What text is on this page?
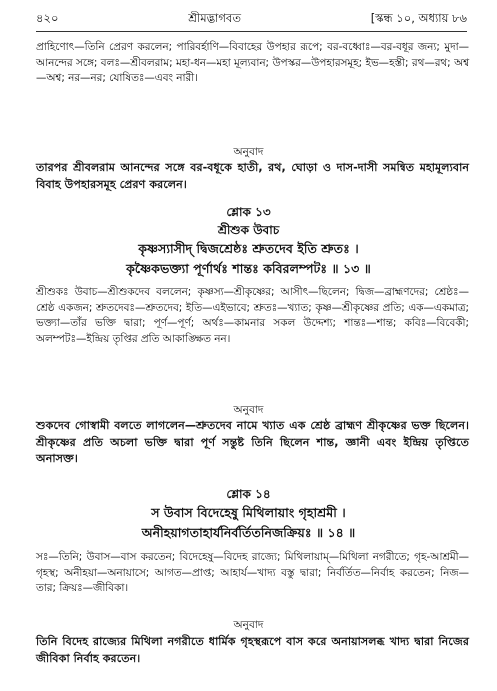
৪২০	শ্রীমদ্ভাগবত	[স্কন্ধ ১০, অধ্যায় ৮৬
প্রাহিণোৎ—তিনি প্রেরণ করলেন; পারিবর্হাণি—বিবাহের উপহার রূপে; বর-বধ্বোঃ—বর-বধূর জন্য; মুদা—আনন্দের সঙ্গে; বলঃ—শ্রীবলরাম; মহা-ধন—মহা মূল্যবান; উপস্কর—উপহারসমূহ; ইভ—হস্তী; রথ—রথ; অশ্ব—অশ্ব; নর—নর; যোষিতঃ—এবং নারী।
অনুবাদ
তারপর শ্রীবলরাম আনন্দের সঙ্গে বর-বধূকে হাতী, রথ, ঘোড়া ও দাস-দাসী সমন্বিত মহামূল্যবান বিবাহ উপহারসমূহ প্রেরণ করলেন।
শ্লোক ১৩
শ্রীশুক উবাচ
কৃষ্ণস্যাসীদ্ দ্বিজশ্রেষ্ঠঃ শ্রুতদেব ইতি শ্রুতঃ ।
কৃষ্ণৈকভক্ত্যা পূর্ণার্থঃ শান্তঃ কবিরলম্পটঃ ॥ ১৩ ॥
শ্রীশুকঃ উবাচ—শ্রীশুকদেব বললেন; কৃষ্ণস্য—শ্রীকৃষ্ণের; আসীৎ—ছিলেন; দ্বিজ—ব্রাহ্মণদের; শ্রেষ্ঠঃ—শ্রেষ্ঠ একজন; শ্রুতদেবঃ—শ্রুতদেব; ইতি—এইভাবে; শ্রুতঃ—খ্যাত; কৃষ্ণ—শ্রীকৃষ্ণের প্রতি; এক—একমাত্র; ভক্ত্যা—তাঁর ভক্তি দ্বারা; পূর্ণ—পূর্ণ; অর্থঃ—কামনার সকল উদ্দেশ্য; শান্তঃ—শান্ত; কবিঃ—বিবেকী; অলম্পটঃ—ইন্দ্রিয় তৃপ্তির প্রতি আকাঙ্ক্ষিত নন।
অনুবাদ
শুকদেব গোস্বামী বলতে লাগলেন—শ্রুতদেব নামে খ্যাত এক শ্রেষ্ঠ ব্রাহ্মণ শ্রীকৃষ্ণের ভক্ত ছিলেন। শ্রীকৃষ্ণের প্রতি অচলা ভক্তি দ্বারা পূর্ণ সন্তুষ্ট তিনি ছিলেন শান্ত, জ্ঞানী এবং ইন্দ্রিয় তৃপ্তিতে অনাসক্ত।
শ্লোক ১৪
স উবাস বিদেহেষু মিথিলায়াং গৃহাশ্রমী ।
অনীহয়াগতাহার্যনির্বর্তিতনিজক্রিয়ঃ ॥ ১৪ ॥
সঃ—তিনি; উবাস—বাস করতেন; বিদেহেষু—বিদেহ রাজ্যে; মিথিলায়াম্—মিথিলা নগরীতে; গৃহ-আশ্রমী—গৃহস্থ; অনীহয়া—অনায়াসে; আগত—প্রাপ্ত; আহার্য—খাদ্য বস্তু দ্বারা; নির্বর্তিত—নির্বাহ করতেন; নিজ—তার; ক্রিয়ঃ—জীবিকা।
অনুবাদ
তিনি বিদেহ রাজ্যের মিথিলা নগরীতে ধার্মিক গৃহস্থরূপে বাস করে অনায়াসলব্ধ খাদ্য দ্বারা নিজের জীবিকা নির্বাহ করতেন।
